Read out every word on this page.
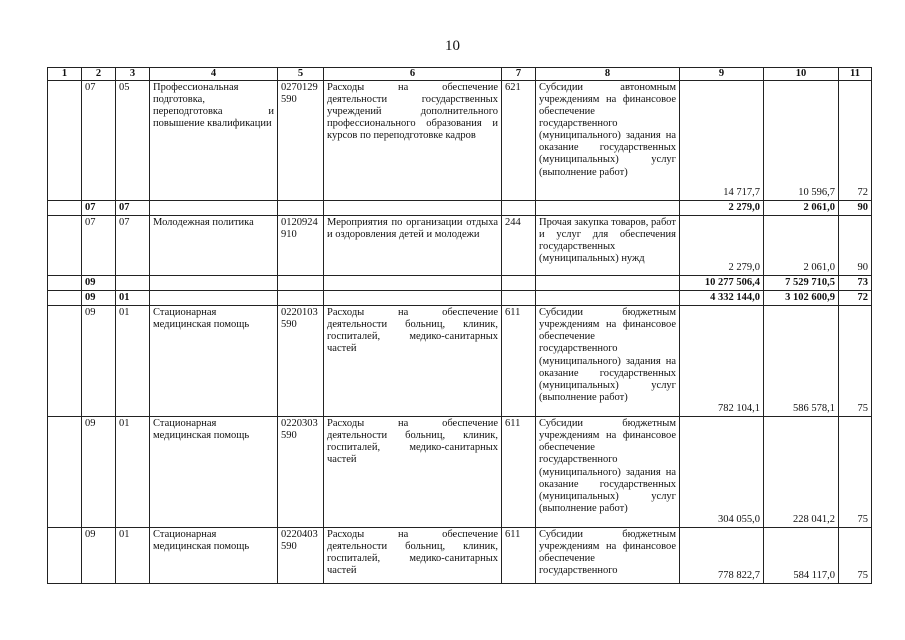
10
1	2	3	4	5	6	7	8	9	10	11
	07	05	Профессиональная подготовка, переподготовка и повышение квалификации	0270129590	Расходы на обеспечение деятельности государственных учреждений дополнительного профессионального образования и курсов по переподготовке кадров	621	Субсидии автономным учреждениям на финансовое обеспечение государственного (муниципального) задания на оказание государственных (муниципальных) услуг (выполнение работ)	14 717,7	10 596,7	72
	07	07						2 279,0	2 061,0	90
	07	07	Молодежная политика	0120924910	Мероприятия по организации отдыха и оздоровления детей и молодежи	244	Прочая закупка товаров, работ и услуг для обеспечения государственных (муниципальных) нужд	2 279,0	2 061,0	90
	09							10 277 506,4	7 529 710,5	73
	09	01						4 332 144,0	3 102 600,9	72
	09	01	Стационарная медицинская помощь	0220103590	Расходы на обеспечение деятельности больниц, клиник, госпиталей, медико-санитарных частей	611	Субсидии бюджетным учреждениям на финансовое обеспечение государственного (муниципального) задания на оказание государственных (муниципальных) услуг (выполнение работ)	782 104,1	586 578,1	75
	09	01	Стационарная медицинская помощь	0220303590	Расходы на обеспечение деятельности больниц, клиник, госпиталей, медико-санитарных частей	611	Субсидии бюджетным учреждениям на финансовое обеспечение государственного (муниципального) задания на оказание государственных (муниципальных) услуг (выполнение работ)	304 055,0	228 041,2	75
	09	01	Стационарная медицинская помощь	0220403590	Расходы на обеспечение деятельности больниц, клиник, госпиталей, медико-санитарных частей	611	Субсидии бюджетным учреждениям на финансовое обеспечение государственного	778 822,7	584 117,0	75
